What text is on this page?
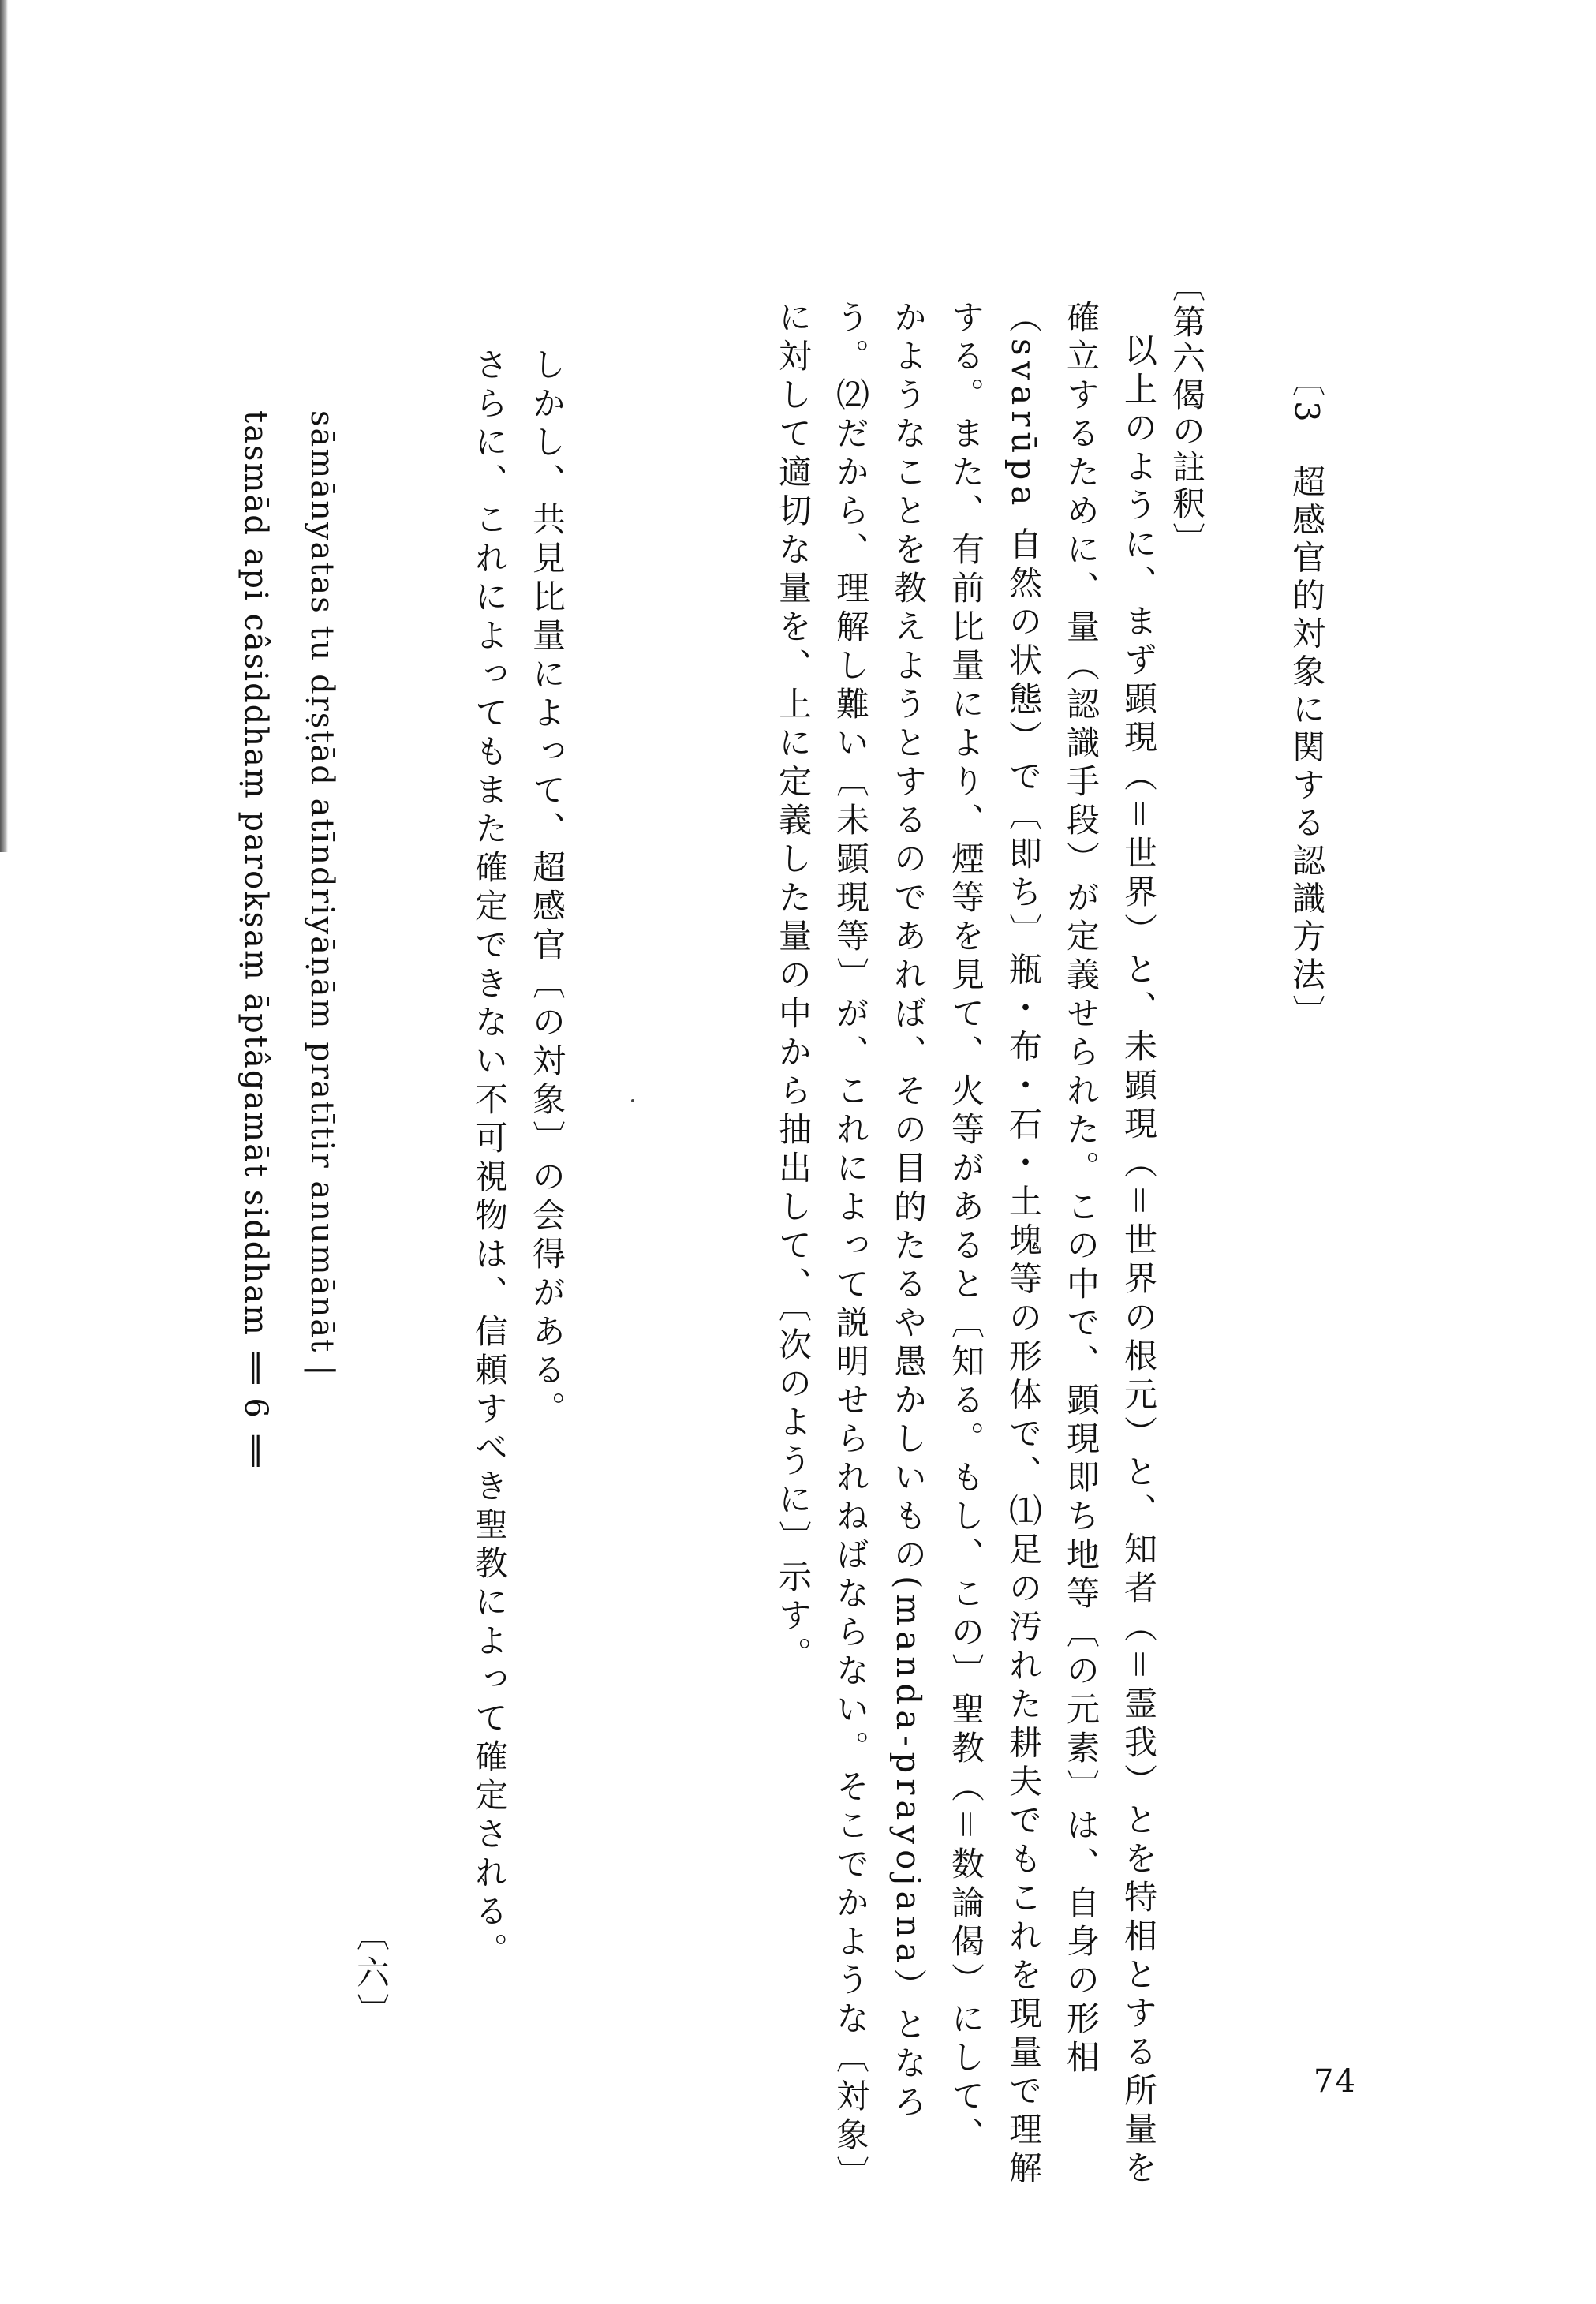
〔3　超感官的対象に関する認識方法〕
〔第六偈の註釈〕

以上のように、まず顕現（＝世界）と、未顕現（＝世界の根元）と、知者（＝霊我）とを特相とする所量を確立するために、量（認識手段）が定義せられた。この中で、顕現即ち地等〔の元素〕は、自身の形相（svarūpa 自然の状態）で〔即ち〕瓶・布・石・土塊等の形体で、⑴足の汚れた耕夫でもこれを現量で理解する。また、有前比量により、煙等を見て、火等があると〔知る。もし、この〕聖教（＝数論偈）にして、かようなことを教えようとするのであれば、その目的たるや愚かしいもの(manda-prayojana）となろう。⑵だから、理解し難い〔未顕現等〕が、これによって説明せられねばならない。そこでかような〔対象〕に対して適切な量を、上に定義した量の中から抽出して、〔次のように〕示す。

しかし、共見比量によって、超感官〔の対象〕の会得がある。

さらに、これによってもまた確定できない不可視物は、信頼すべき聖教によって確定される。

sāmānyatas tu dṛṣṭād atīndriyāṇām pratītir anumānāt |

tasmād api câsiddhaṃ parokṣaṃ āptâgamāt siddham ‖ 6 ‖

〔六〕
74
